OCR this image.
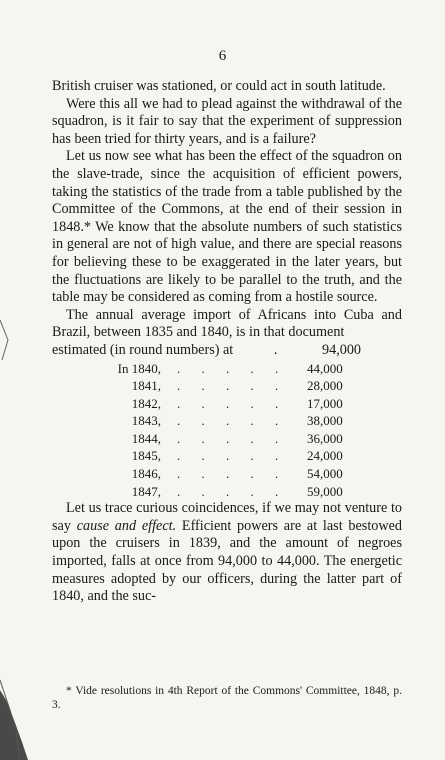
6

British cruiser was stationed, or could act in south latitude.

Were this all we had to plead against the withdrawal of the squadron, is it fair to say that the experiment of suppression has been tried for thirty years, and is a failure?

Let us now see what has been the effect of the squadron on the slave-trade, since the acquisition of efficient powers, taking the statistics of the trade from a table published by the Committee of the Commons, at the end of their session in 1848.* We know that the absolute numbers of such statistics in general are not of high value, and there are special reasons for believing these to be exaggerated in the later years, but the fluctuations are likely to be parallel to the truth, and the table may be considered as coming from a hostile source.

The annual average import of Africans into Cuba and Brazil, between 1835 and 1840, is in that document

estimated (in round numbers) at	.	94,000
In 1840,	. . . . .	44,000
1841,	. . . . .	28,000
1842,	. . . . .	17,000
1843,	. . . . .	38,000
1844,	. . . . .	36,000
1845,	. . . . .	24,000
1846,	. . . . .	54,000
1847,	. . . . .	59,000

Let us trace curious coincidences, if we may not venture to say cause and effect. Efficient powers are at last bestowed upon the cruisers in 1839, and the amount of negroes imported, falls at once from 94,000 to 44,000. The energetic measures adopted by our officers, during the latter part of 1840, and the suc-

* Vide resolutions in 4th Report of the Commons' Committee, 1848, p. 3.
